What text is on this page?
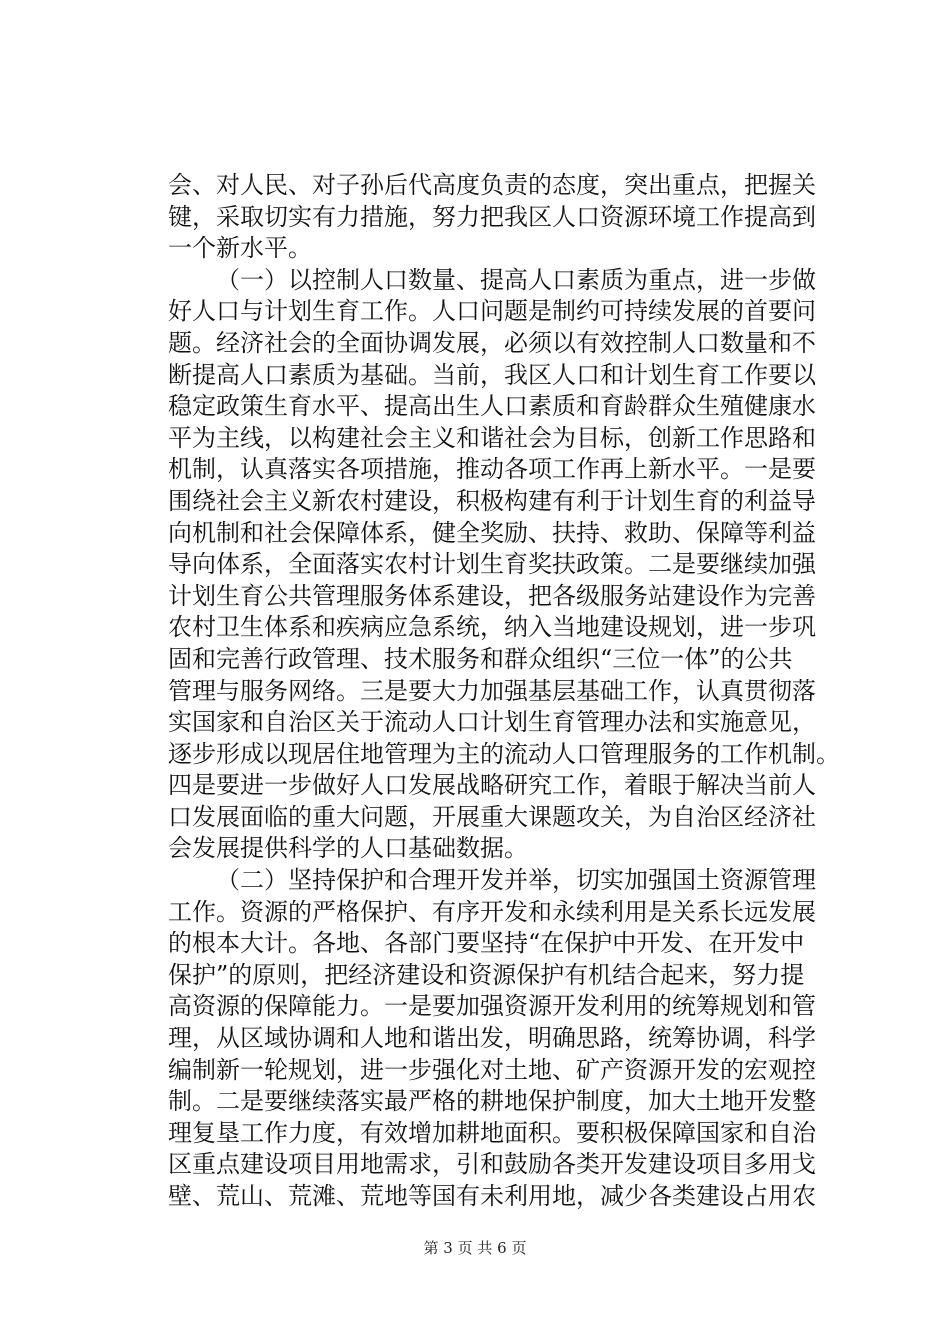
会、对人民、对子孙后代高度负责的态度，突出重点，把握关
键，采取切实有力措施，努力把我区人口资源环境工作提高到
一个新水平。
（一）以控制人口数量、提高人口素质为重点，进一步做
好人口与计划生育工作。人口问题是制约可持续发展的首要问
题。经济社会的全面协调发展，必须以有效控制人口数量和不
断提高人口素质为基础。当前，我区人口和计划生育工作要以
稳定政策生育水平、提高出生人口素质和育龄群众生殖健康水
平为主线，以构建社会主义和谐社会为目标，创新工作思路和
机制，认真落实各项措施，推动各项工作再上新水平。一是要
围绕社会主义新农村建设，积极构建有利于计划生育的利益导
向机制和社会保障体系，健全奖励、扶持、救助、保障等利益
导向体系，全面落实农村计划生育奖扶政策。二是要继续加强
计划生育公共管理服务体系建设，把各级服务站建设作为完善
农村卫生体系和疾病应急系统，纳入当地建设规划，进一步巩
固和完善行政管理、技术服务和群众组织“三位一体”的公共
管理与服务网络。三是要大力加强基层基础工作，认真贯彻落
实国家和自治区关于流动人口计划生育管理办法和实施意见，
逐步形成以现居住地管理为主的流动人口管理服务的工作机制。
四是要进一步做好人口发展战略研究工作，着眼于解决当前人
口发展面临的重大问题，开展重大课题攻关，为自治区经济社
会发展提供科学的人口基础数据。
（二）坚持保护和合理开发并举，切实加强国土资源管理
工作。资源的严格保护、有序开发和永续利用是关系长远发展
的根本大计。各地、各部门要坚持“在保护中开发、在开发中
保护”的原则，把经济建设和资源保护有机结合起来，努力提
高资源的保障能力。一是要加强资源开发利用的统筹规划和管
理，从区域协调和人地和谐出发，明确思路，统筹协调，科学
编制新一轮规划，进一步强化对土地、矿产资源开发的宏观控
制。二是要继续落实最严格的耕地保护制度，加大土地开发整
理复垦工作力度，有效增加耕地面积。要积极保障国家和自治
区重点建设项目用地需求，引和鼓励各类开发建设项目多用戈
壁、荒山、荒滩、荒地等国有未利用地，减少各类建设占用农
第 3 页 共 6 页
